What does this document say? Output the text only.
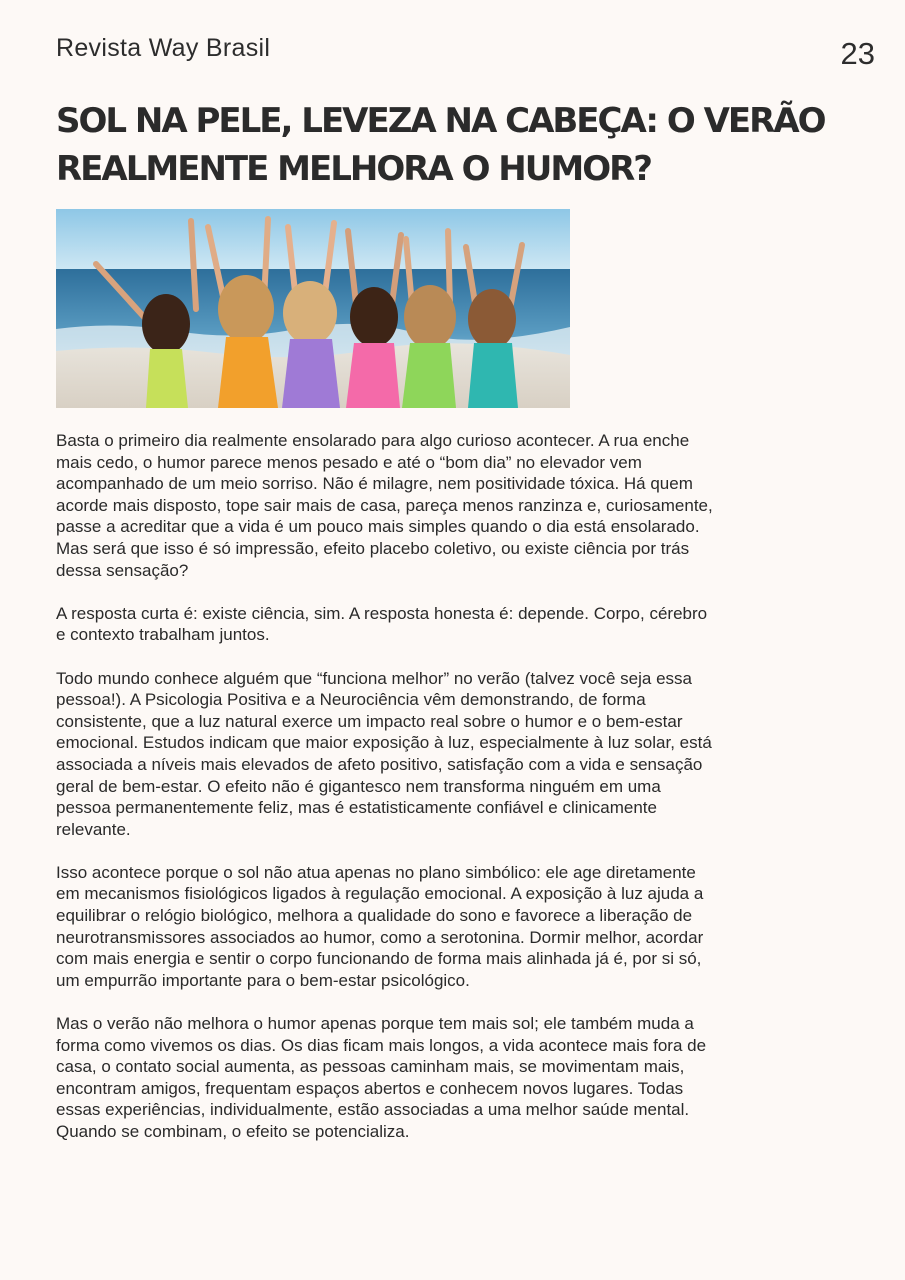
Revista Way Brasil	23
SOL NA PELE, LEVEZA NA CABEÇA: O VERÃO REALMENTE MELHORA O HUMOR?

Basta o primeiro dia realmente ensolarado para algo curioso acontecer. A rua enche mais cedo, o humor parece menos pesado e até o “bom dia” no elevador vem acompanhado de um meio sorriso. Não é milagre, nem positividade tóxica. Há quem acorde mais disposto, tope sair mais de casa, pareça menos ranzinza e, curiosamente, passe a acreditar que a vida é um pouco mais simples quando o dia está ensolarado. Mas será que isso é só impressão, efeito placebo coletivo, ou existe ciência por trás dessa sensação?

A resposta curta é: existe ciência, sim. A resposta honesta é: depende. Corpo, cérebro e contexto trabalham juntos.

Todo mundo conhece alguém que “funciona melhor” no verão (talvez você seja essa pessoa!). A Psicologia Positiva e a Neurociência vêm demonstrando, de forma consistente, que a luz natural exerce um impacto real sobre o humor e o bem-estar emocional. Estudos indicam que maior exposição à luz, especialmente à luz solar, está associada a níveis mais elevados de afeto positivo, satisfação com a vida e sensação geral de bem-estar. O efeito não é gigantesco nem transforma ninguém em uma pessoa permanentemente feliz, mas é estatisticamente confiável e clinicamente relevante.

Isso acontece porque o sol não atua apenas no plano simbólico: ele age diretamente em mecanismos fisiológicos ligados à regulação emocional. A exposição à luz ajuda a equilibrar o relógio biológico, melhora a qualidade do sono e favorece a liberação de neurotransmissores associados ao humor, como a serotonina. Dormir melhor, acordar com mais energia e sentir o corpo funcionando de forma mais alinhada já é, por si só, um empurrão importante para o bem-estar psicológico.

Mas o verão não melhora o humor apenas porque tem mais sol; ele também muda a forma como vivemos os dias. Os dias ficam mais longos, a vida acontece mais fora de casa, o contato social aumenta, as pessoas caminham mais, se movimentam mais, encontram amigos, frequentam espaços abertos e conhecem novos lugares. Todas essas experiências, individualmente, estão associadas a uma melhor saúde mental. Quando se combinam, o efeito se potencializa.
